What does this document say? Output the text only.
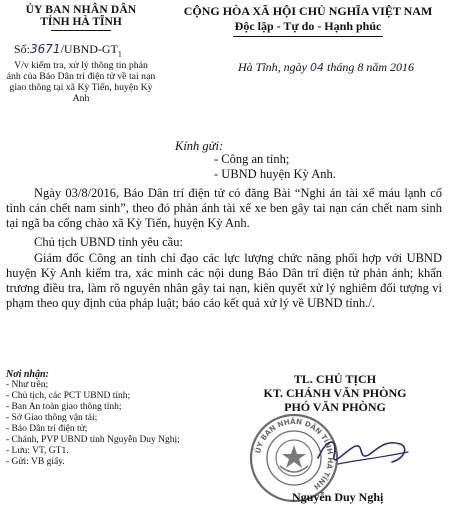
ỦY BAN NHÂN DÂN
TỈNH HÀ TĨNH
CỘNG HÒA XÃ HỘI CHỦ NGHĨA VIỆT NAM
Độc lập - Tự do - Hạnh phúc
$Số:3671/UBND-GT_1$
V/v kiểm tra, xử lý thông tin phản ánh của Báo Dân trí điện tử về tai nạn giao thông tại xã Kỳ Tiến, huyện Kỳ Anh
Hà Tĩnh, ngày 04 tháng 8 năm 2016
Kính gửi:
- Công an tỉnh;
- UBND huyện Kỳ Anh.
Ngày 03/8/2016, Báo Dân trí điện tử có đăng Bài “Nghi án tài xế máu lạnh cố tình cán chết nam sinh”, theo đó phản ánh tài xế xe ben gây tai nạn cán chết nam sinh tại ngã ba cổng chào xã Kỳ Tiến, huyện Kỳ Anh.
Chủ tịch UBND tỉnh yêu cầu:
Giám đốc Công an tỉnh chỉ đạo các lực lượng chức năng phối hợp với UBND huyện Kỳ Anh kiểm tra, xác minh các nội dung Báo Dân trí điện tử phản ánh; khẩn trương điều tra, làm rõ nguyên nhân gây tai nạn, kiên quyết xử lý nghiêm đối tượng vi phạm theo quy định của pháp luật; báo cáo kết quả xử lý về UBND tỉnh./.
Nơi nhận:
- Như trên;
- Chủ tịch, các PCT UBND tỉnh;
- Ban An toàn giao thông tỉnh;
- Sở Giao thông vận tải;
- Báo Dân trí điện tử;
- Chánh, PVP UBND tỉnh Nguyễn Duy Nghị;
- Lưu: VT, GT1.
- Gửi: VB giấy.
TL. CHỦ TỊCH
KT. CHÁNH VĂN PHÒNG
PHÓ VĂN PHÒNG
ỦY BAN NHÂN DÂN TỈNH HÀ TĨNH
Nguyễn Duy Nghị
